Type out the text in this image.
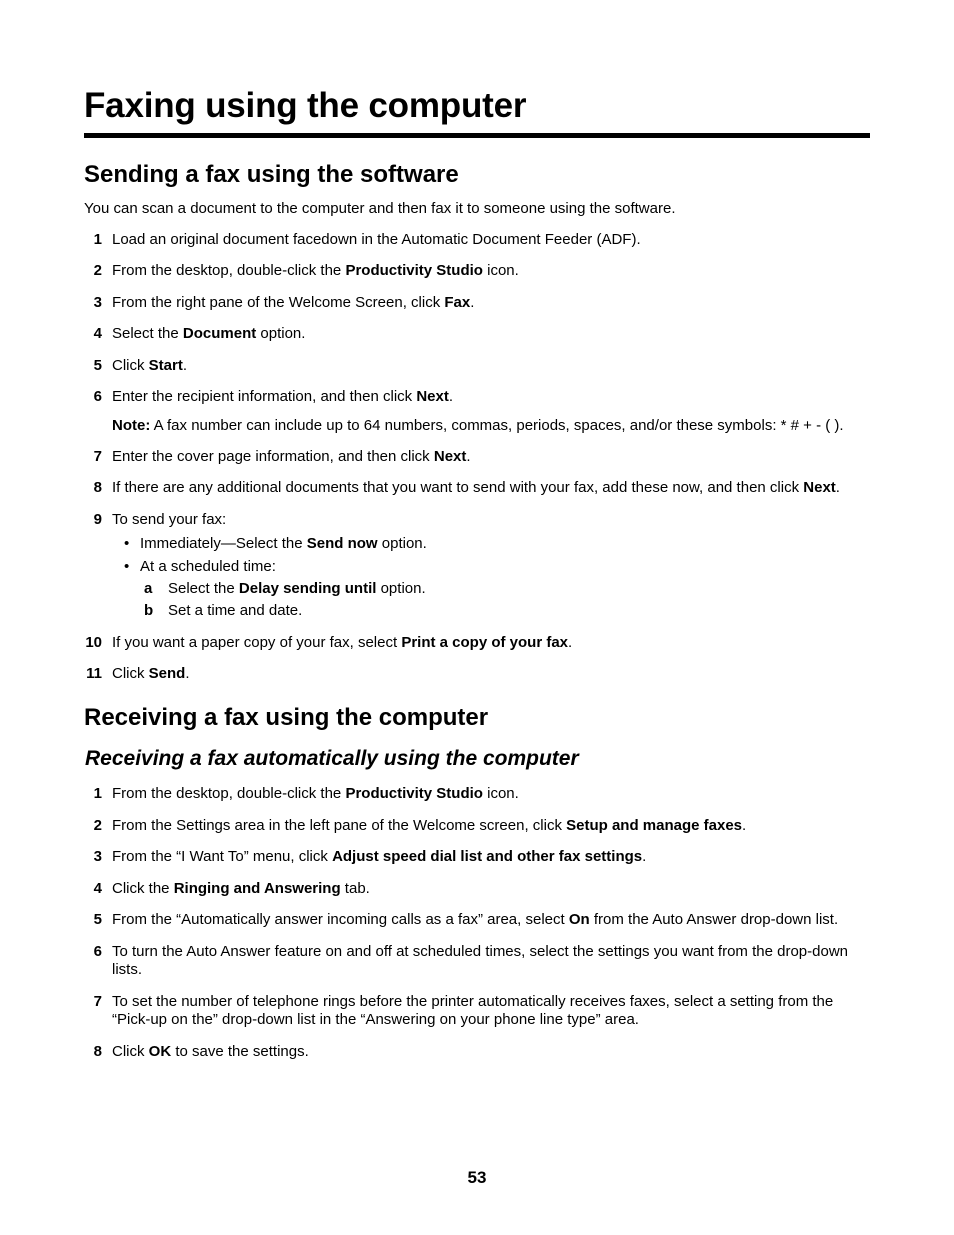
Faxing using the computer
Sending a fax using the software

You can scan a document to the computer and then fax it to someone using the software.

1 Load an original document facedown in the Automatic Document Feeder (ADF).
2 From the desktop, double-click the Productivity Studio icon.
3 From the right pane of the Welcome Screen, click Fax.
4 Select the Document option.
5 Click Start.
6 Enter the recipient information, and then click Next.
Note: A fax number can include up to 64 numbers, commas, periods, spaces, and/or these symbols: * # + - ( ).
7 Enter the cover page information, and then click Next.
8 If there are any additional documents that you want to send with your fax, add these now, and then click Next.
9 To send your fax:
• Immediately—Select the Send now option.
• At a scheduled time:
a Select the Delay sending until option.
b Set a time and date.
10 If you want a paper copy of your fax, select Print a copy of your fax.
11 Click Send.
Receiving a fax using the computer
Receiving a fax automatically using the computer
1 From the desktop, double-click the Productivity Studio icon.
2 From the Settings area in the left pane of the Welcome screen, click Setup and manage faxes.
3 From the “I Want To” menu, click Adjust speed dial list and other fax settings.
4 Click the Ringing and Answering tab.
5 From the “Automatically answer incoming calls as a fax” area, select On from the Auto Answer drop-down list.
6 To turn the Auto Answer feature on and off at scheduled times, select the settings you want from the drop-down lists.
7 To set the number of telephone rings before the printer automatically receives faxes, select a setting from the “Pick-up on the” drop-down list in the “Answering on your phone line type” area.
8 Click OK to save the settings.
53
